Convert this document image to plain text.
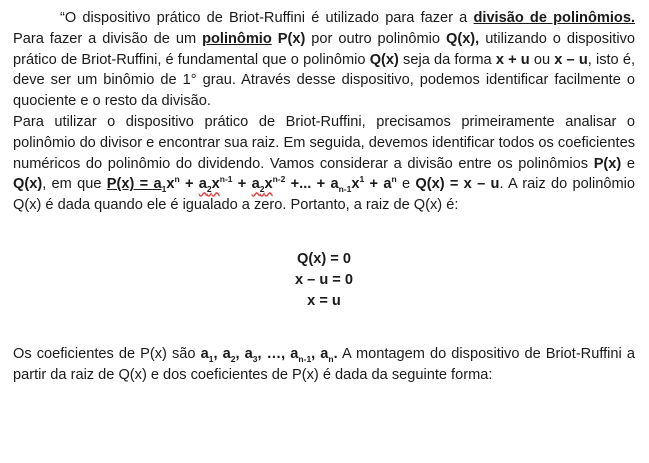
“O dispositivo prático de Briot-Ruffini é utilizado para fazer a divisão de polinômios. Para fazer a divisão de um polinômio P(x) por outro polinômio Q(x), utilizando o dispositivo prático de Briot-Ruffini, é fundamental que o polinômio Q(x) seja da forma x + u ou x – u, isto é, deve ser um binômio de 1° grau. Através desse dispositivo, podemos identificar facilmente o quociente e o resto da divisão.

Para utilizar o dispositivo prático de Briot-Ruffini, precisamos primeiramente analisar o polinômio do divisor e encontrar sua raiz. Em seguida, devemos identificar todos os coeficientes numéricos do polinômio do dividendo. Vamos considerar a divisão entre os polinômios P(x) e Q(x), em que $P(x) = a_1x^n + a_2x^{n-1} + a_2x^{n-2}$ +... + $a_{n-1}x^1 + a^n$ e Q(x) = x – u. A raiz do polinômio Q(x) é dada quando ele é igualado a zero. Portanto, a raiz de Q(x) é:

Q(x) = 0

x – u = 0

x = u

Os coeficientes de P(x) são $a_1$, $a_2$, $a_3$, …, $a_{n-1}$, $a_n$. A montagem do dispositivo de Briot-Ruffini a partir da raiz de Q(x) e dos coeficientes de P(x) é dada da seguinte forma:
